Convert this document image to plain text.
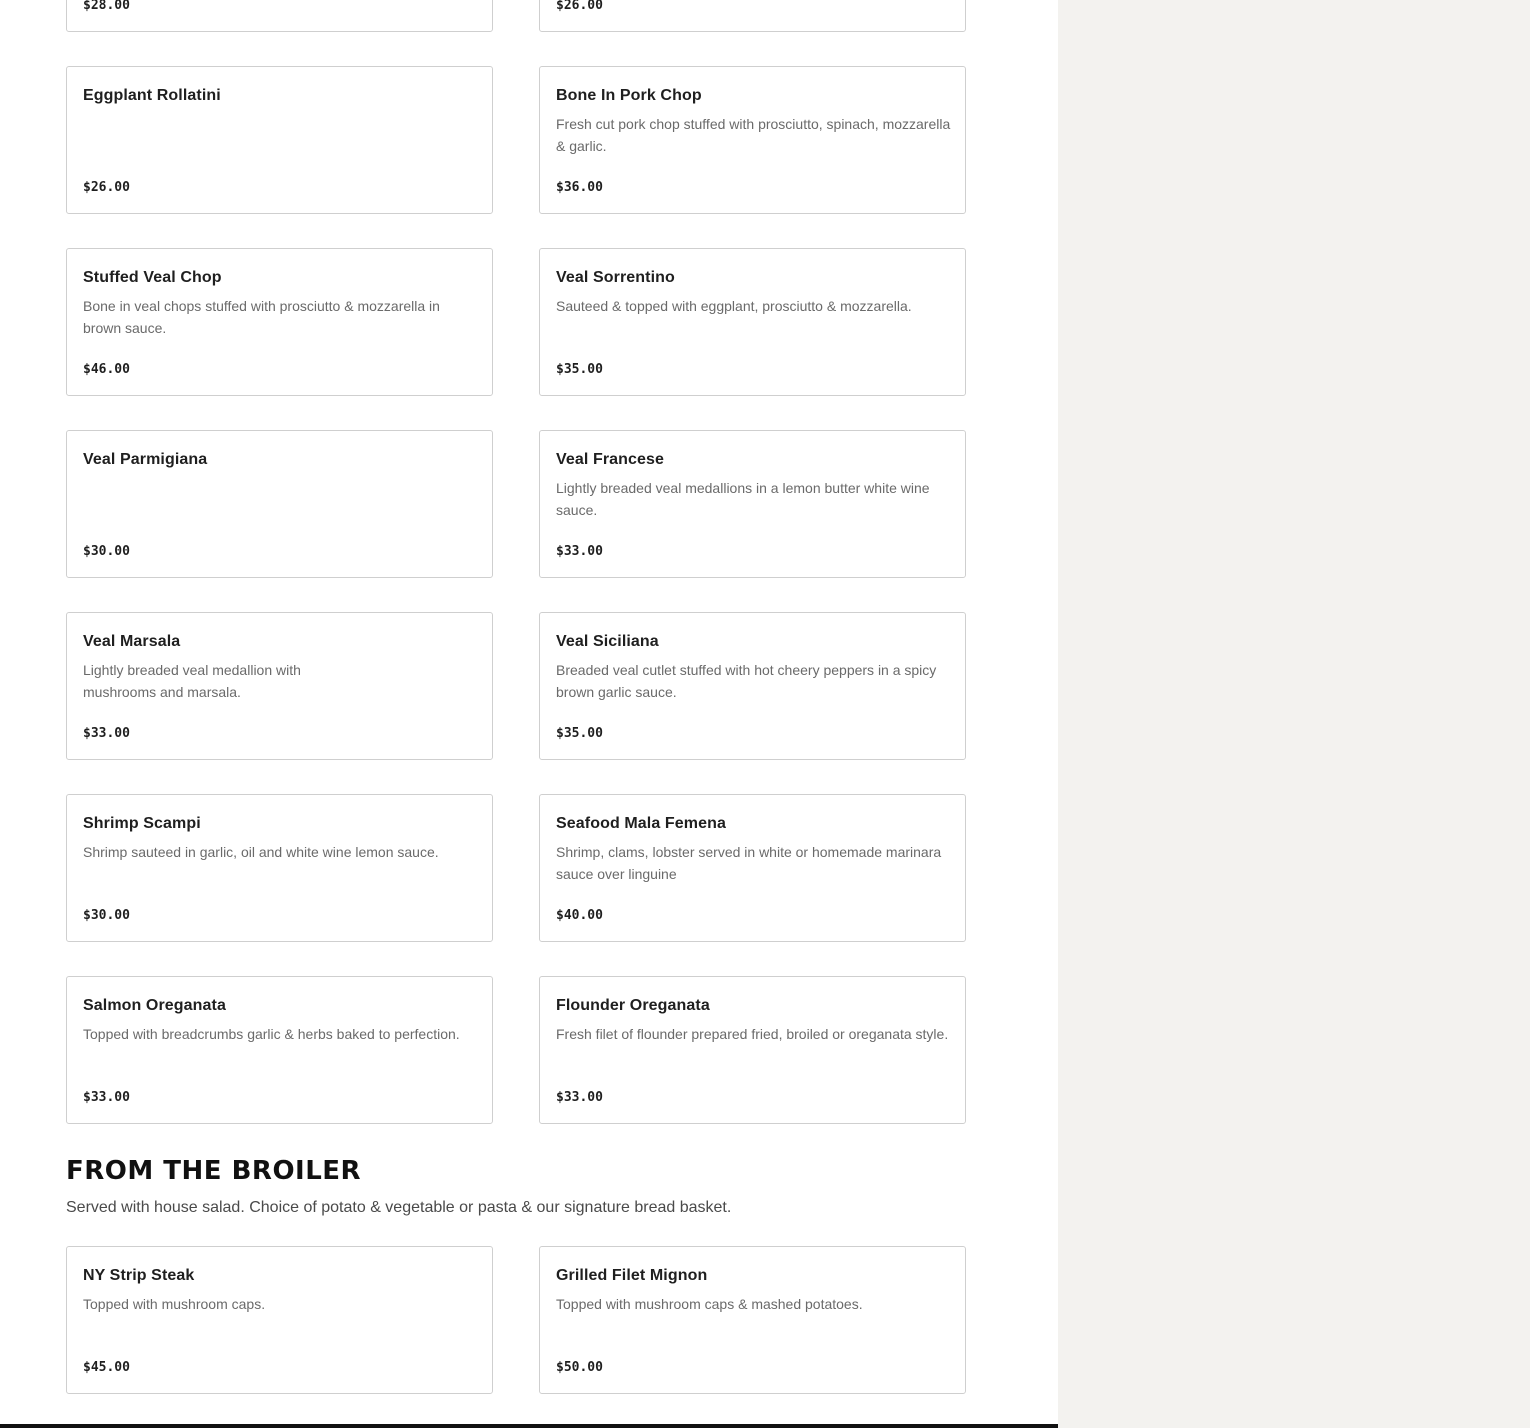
$28.00	$26.00
Eggplant Rollatini
$26.00
Bone In Pork Chop
Fresh cut pork chop stuffed with prosciutto, spinach, mozzarella & garlic.
$36.00
Stuffed Veal Chop
Bone in veal chops stuffed with prosciutto & mozzarella in brown sauce.
$46.00
Veal Sorrentino
Sauteed & topped with eggplant, prosciutto & mozzarella.
$35.00
Veal Parmigiana
$30.00
Veal Francese
Lightly breaded veal medallions in a lemon butter white wine sauce.
$33.00
Veal Marsala
Lightly breaded veal medallion with mushrooms and marsala.
$33.00
Veal Siciliana
Breaded veal cutlet stuffed with hot cheery peppers in a spicy brown garlic sauce.
$35.00
Shrimp Scampi
Shrimp sauteed in garlic, oil and white wine lemon sauce.
$30.00
Seafood Mala Femena
Shrimp, clams, lobster served in white or homemade marinara sauce over linguine
$40.00
Salmon Oreganata
Topped with breadcrumbs garlic & herbs baked to perfection.
$33.00
Flounder Oreganata
Fresh filet of flounder prepared fried, broiled or oreganata style.
$33.00
FROM THE BROILER
Served with house salad. Choice of potato & vegetable or pasta & our signature bread basket.
NY Strip Steak
Topped with mushroom caps.
$45.00
Grilled Filet Mignon
Topped with mushroom caps & mashed potatoes.
$50.00
